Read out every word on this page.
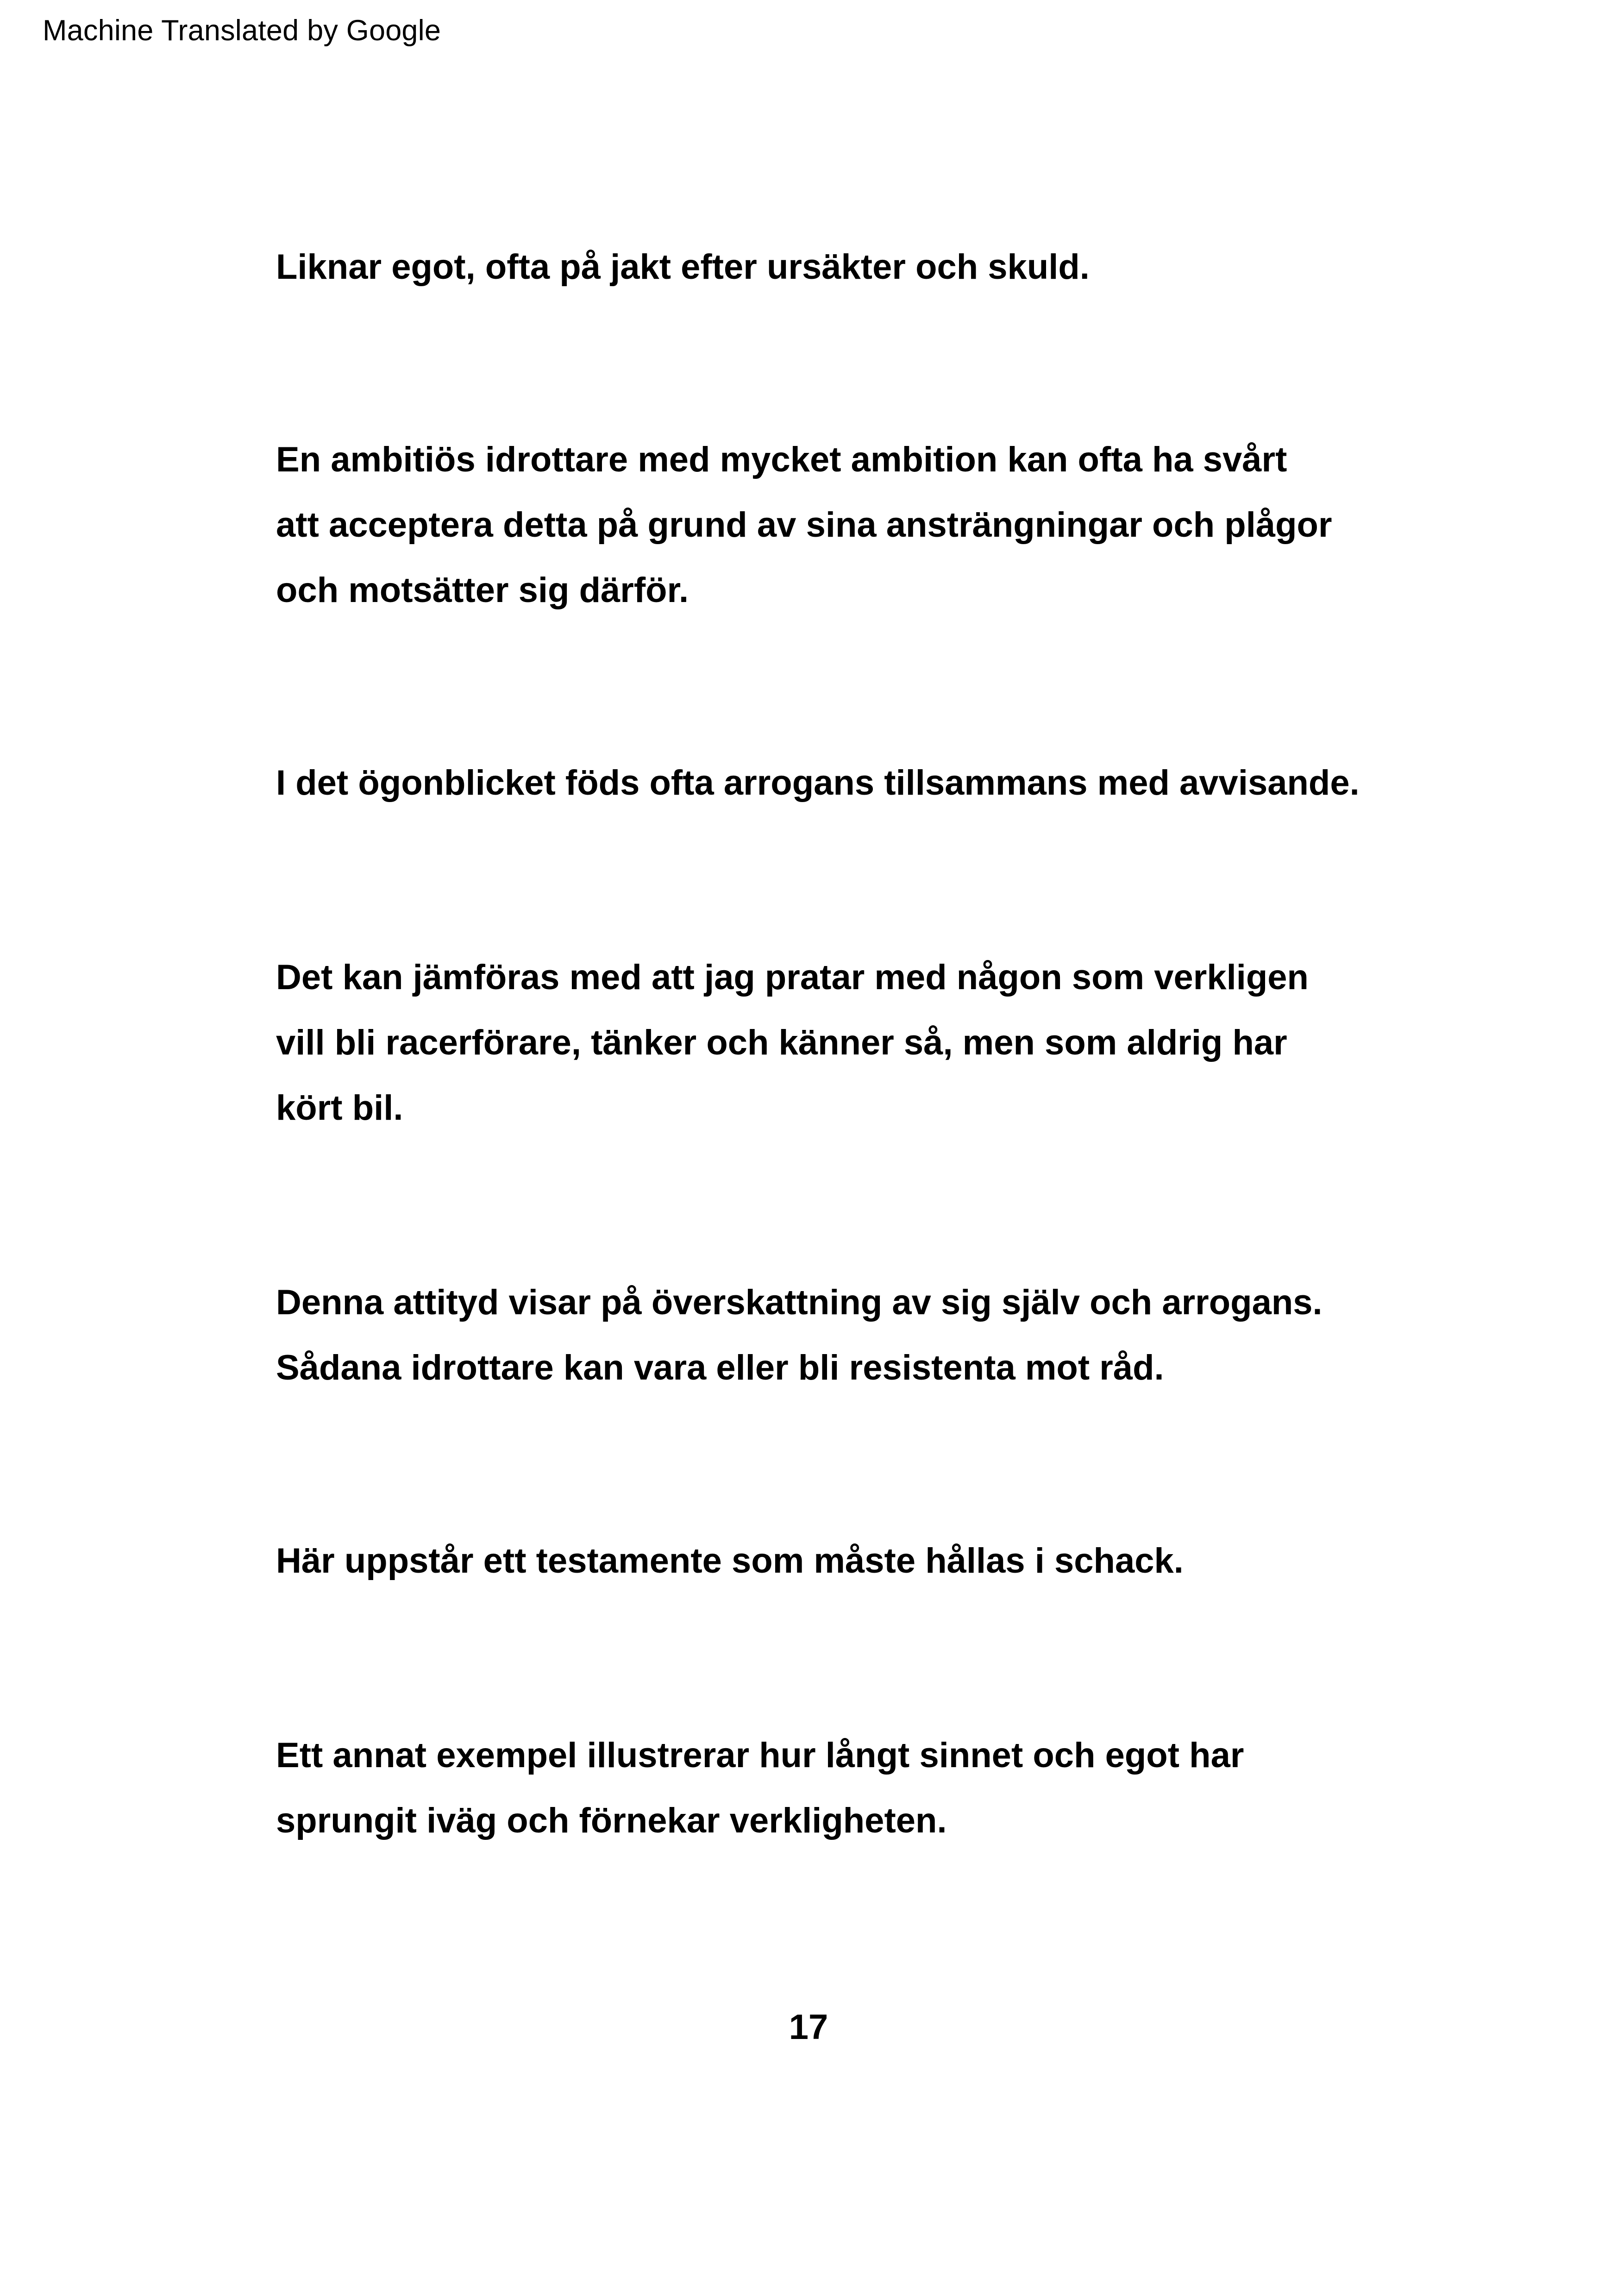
Machine Translated by Google
Liknar egot, ofta på jakt efter ursäkter och skuld.
En ambitiös idrottare med mycket ambition kan ofta ha svårt
att acceptera detta på grund av sina ansträngningar och plågor
och motsätter sig därför.
I det ögonblicket föds ofta arrogans tillsammans med avvisande.
Det kan jämföras med att jag pratar med någon som verkligen
vill bli racerförare, tänker och känner så, men som aldrig har
kört bil.
Denna attityd visar på överskattning av sig själv och arrogans.
Sådana idrottare kan vara eller bli resistenta mot råd.
Här uppstår ett testamente som måste hållas i schack.
Ett annat exempel illustrerar hur långt sinnet och egot har
sprungit iväg och förnekar verkligheten.
17
